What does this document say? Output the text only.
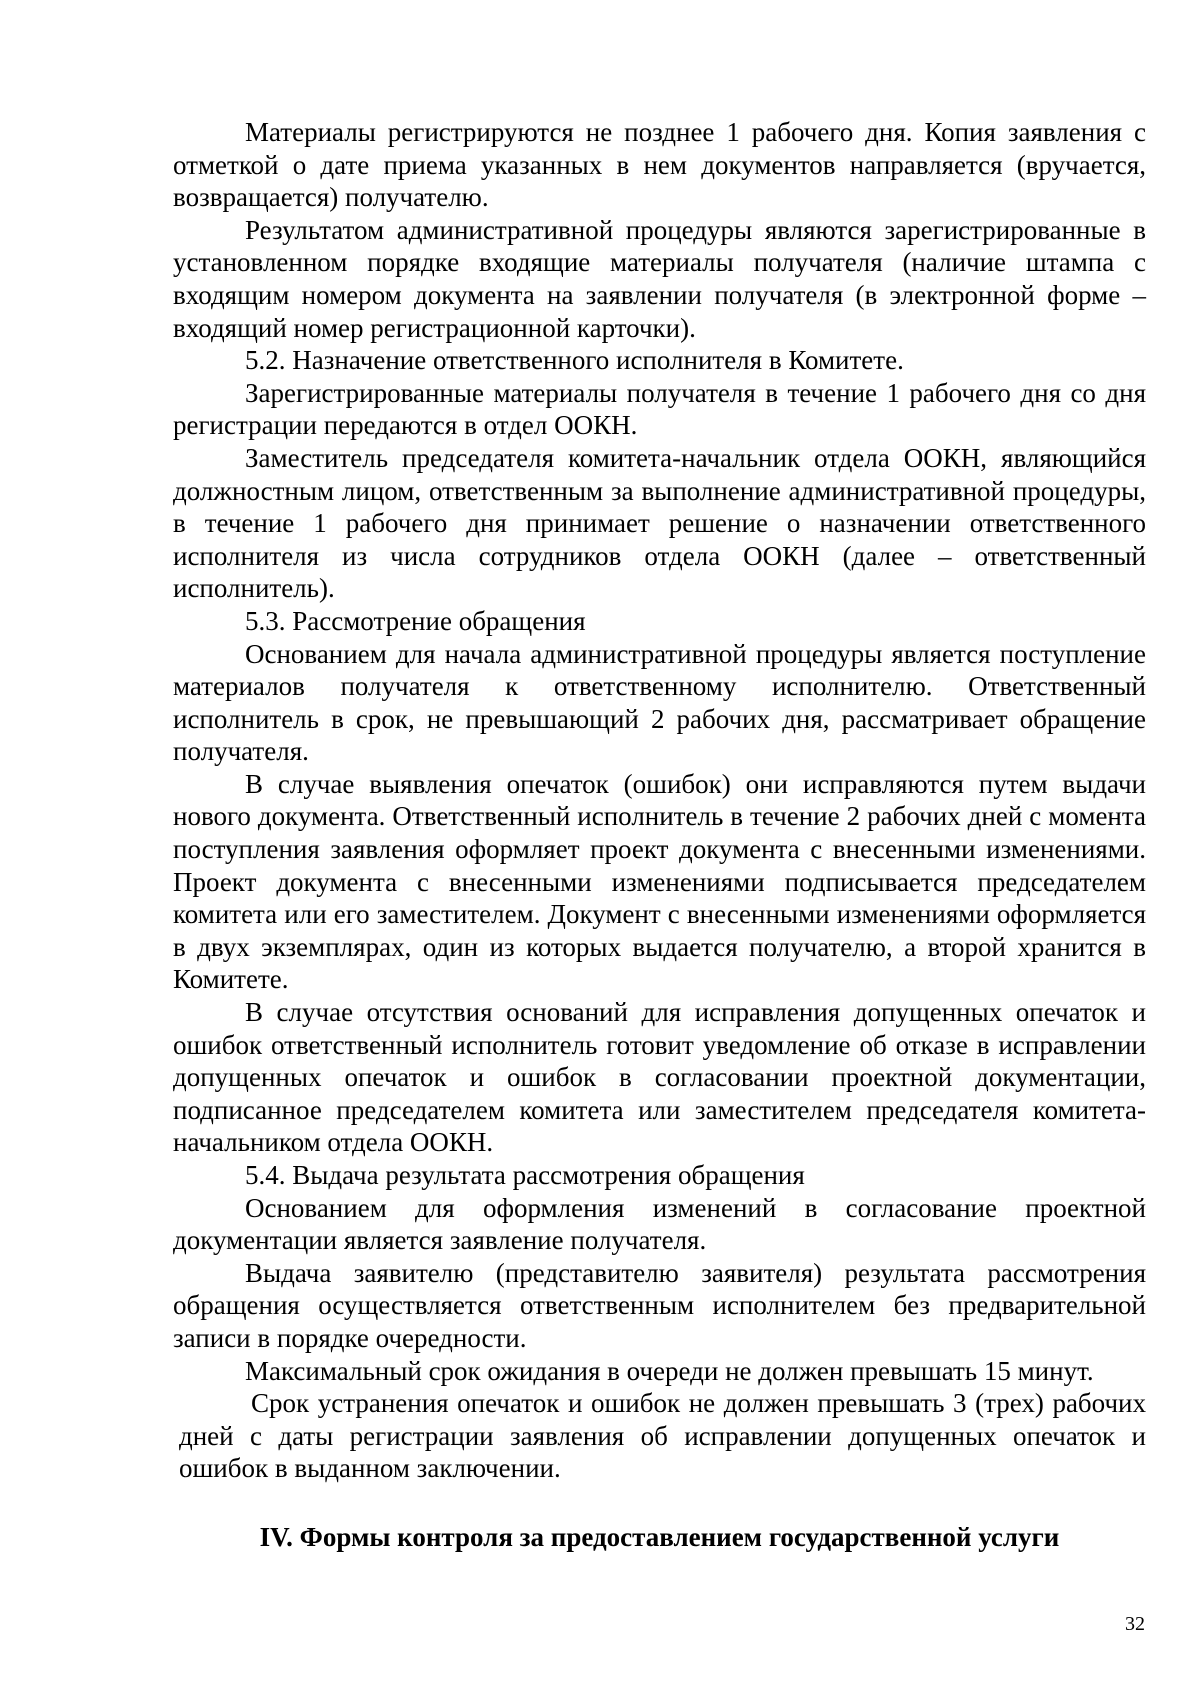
Материалы регистрируются не позднее 1 рабочего дня. Копия заявления с отметкой о дате приема указанных в нем документов направляется (вручается, возвращается) получателю.

Результатом административной процедуры являются зарегистрированные в установленном порядке входящие материалы получателя (наличие штампа с входящим номером документа на заявлении получателя (в электронной форме – входящий номер регистрационной карточки).

5.2. Назначение ответственного исполнителя в Комитете.

Зарегистрированные материалы получателя в течение 1 рабочего дня со дня регистрации передаются в отдел ООКН.

Заместитель председателя комитета-начальник отдела ООКН, являющийся должностным лицом, ответственным за выполнение административной процедуры, в течение 1 рабочего дня принимает решение о назначении ответственного исполнителя из числа сотрудников отдела ООКН (далее – ответственный исполнитель).

5.3. Рассмотрение обращения

Основанием для начала административной процедуры является поступление материалов получателя к ответственному исполнителю. Ответственный исполнитель в срок, не превышающий 2 рабочих дня, рассматривает обращение получателя.

В случае выявления опечаток (ошибок) они исправляются путем выдачи нового документа. Ответственный исполнитель в течение 2 рабочих дней с момента поступления заявления оформляет проект документа с внесенными изменениями. Проект документа с внесенными изменениями подписывается председателем комитета или его заместителем. Документ с внесенными изменениями оформляется в двух экземплярах, один из которых выдается получателю, а второй хранится в Комитете.

В случае отсутствия оснований для исправления допущенных опечаток и ошибок ответственный исполнитель готовит уведомление об отказе в исправлении допущенных опечаток и ошибок в согласовании проектной документации, подписанное председателем комитета или заместителем председателя комитета-начальником отдела ООКН.

5.4. Выдача результата рассмотрения обращения

Основанием для оформления изменений в согласование проектной документации является заявление получателя.

Выдача заявителю (представителю заявителя) результата рассмотрения обращения осуществляется ответственным исполнителем без предварительной записи в порядке очередности.

Максимальный срок ожидания в очереди не должен превышать 15 минут.

Срок устранения опечаток и ошибок не должен превышать 3 (трех) рабочих дней с даты регистрации заявления об исправлении допущенных опечаток и ошибок в выданном заключении.

IV. Формы контроля за предоставлением государственной услуги
32
